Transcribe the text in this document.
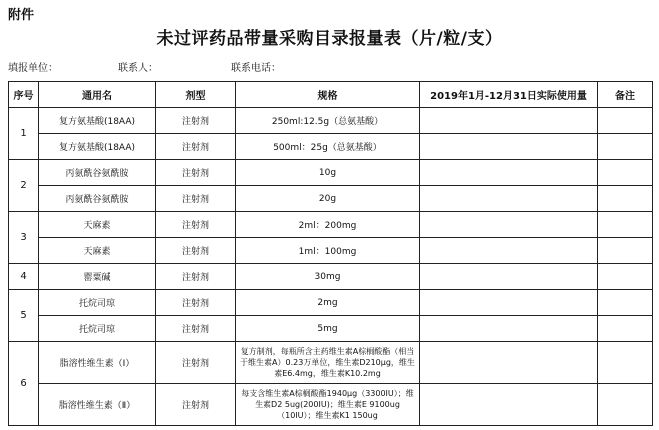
附件
未过评药品带量采购目录报量表（片/粒/支）
填报单位：	联系人：	联系电话：
序号	通用名	剂型	规格	2019年1月-12月31日实际使用量	备注
1	复方氨基酸(18AA)	注射剂	250ml:12.5g（总氨基酸）		
	复方氨基酸(18AA)	注射剂	500ml：25g（总氨基酸）		
2	丙氨酰谷氨酰胺	注射剂	10g		
	丙氨酰谷氨酰胺	注射剂	20g		
3	天麻素	注射剂	2ml：200mg		
	天麻素	注射剂	1ml：100mg		
4	罂粟碱	注射剂	30mg		
5	托烷司琼	注射剂	2mg		
	托烷司琼	注射剂	5mg		
6	脂溶性维生素（Ⅰ）	注射剂	复方制剂，每瓶所含主药维生素A棕榈酸酯（相当于维生素A）0.23万单位，维生素D210μg，维生素E6.4mg，维生素K10.2mg		
	脂溶性维生素（Ⅱ）	注射剂	每支含维生素A棕榈酸酯1940μg（3300IU）；维生素D2 5ug(200IU)；维生素E 9100ug（10IU）；维生素K1 150ug		
